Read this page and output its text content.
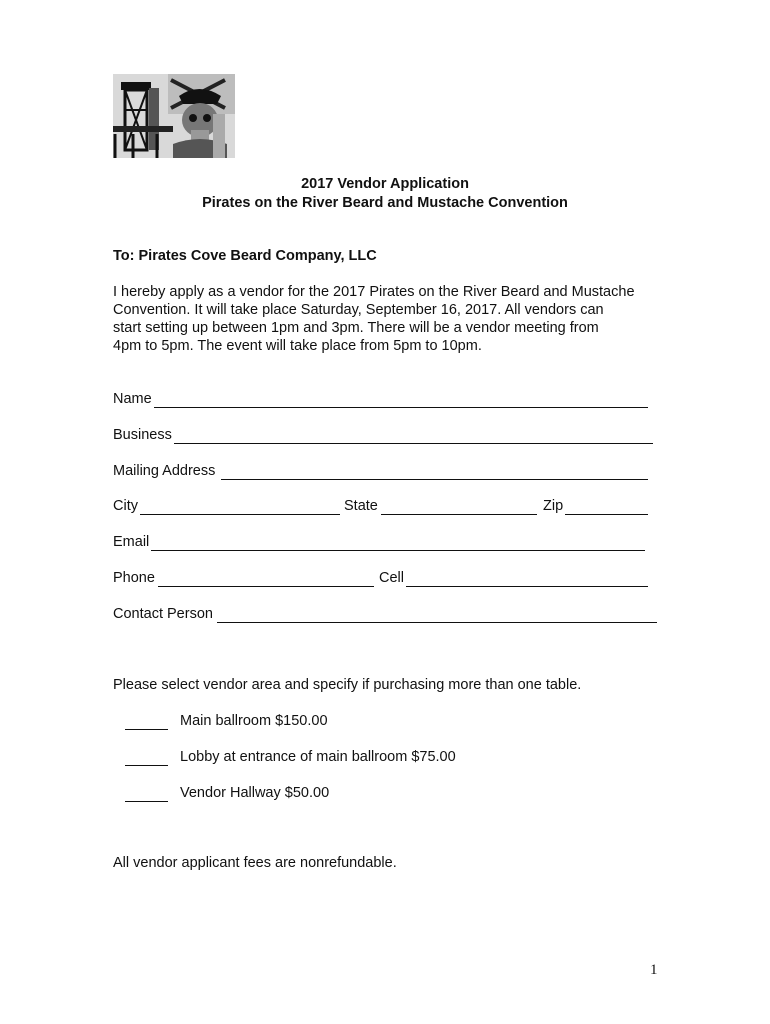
2017 Vendor Application
Pirates on the River Beard and Mustache Convention
To: Pirates Cove Beard Company, LLC
I hereby apply as a vendor for the 2017 Pirates on the River Beard and Mustache
Convention. It will take place Saturday, September 16, 2017. All vendors can
start setting up between 1pm and 3pm. There will be a vendor meeting from
4pm to 5pm. The event will take place from 5pm to 10pm.
Name
Business
Mailing Address
City	State	Zip
Email
Phone	Cell
Contact Person
Please select vendor area and specify if purchasing more than one table.
Main ballroom $150.00
Lobby at entrance of main ballroom $75.00
Vendor Hallway $50.00
All vendor applicant fees are nonrefundable.
1
